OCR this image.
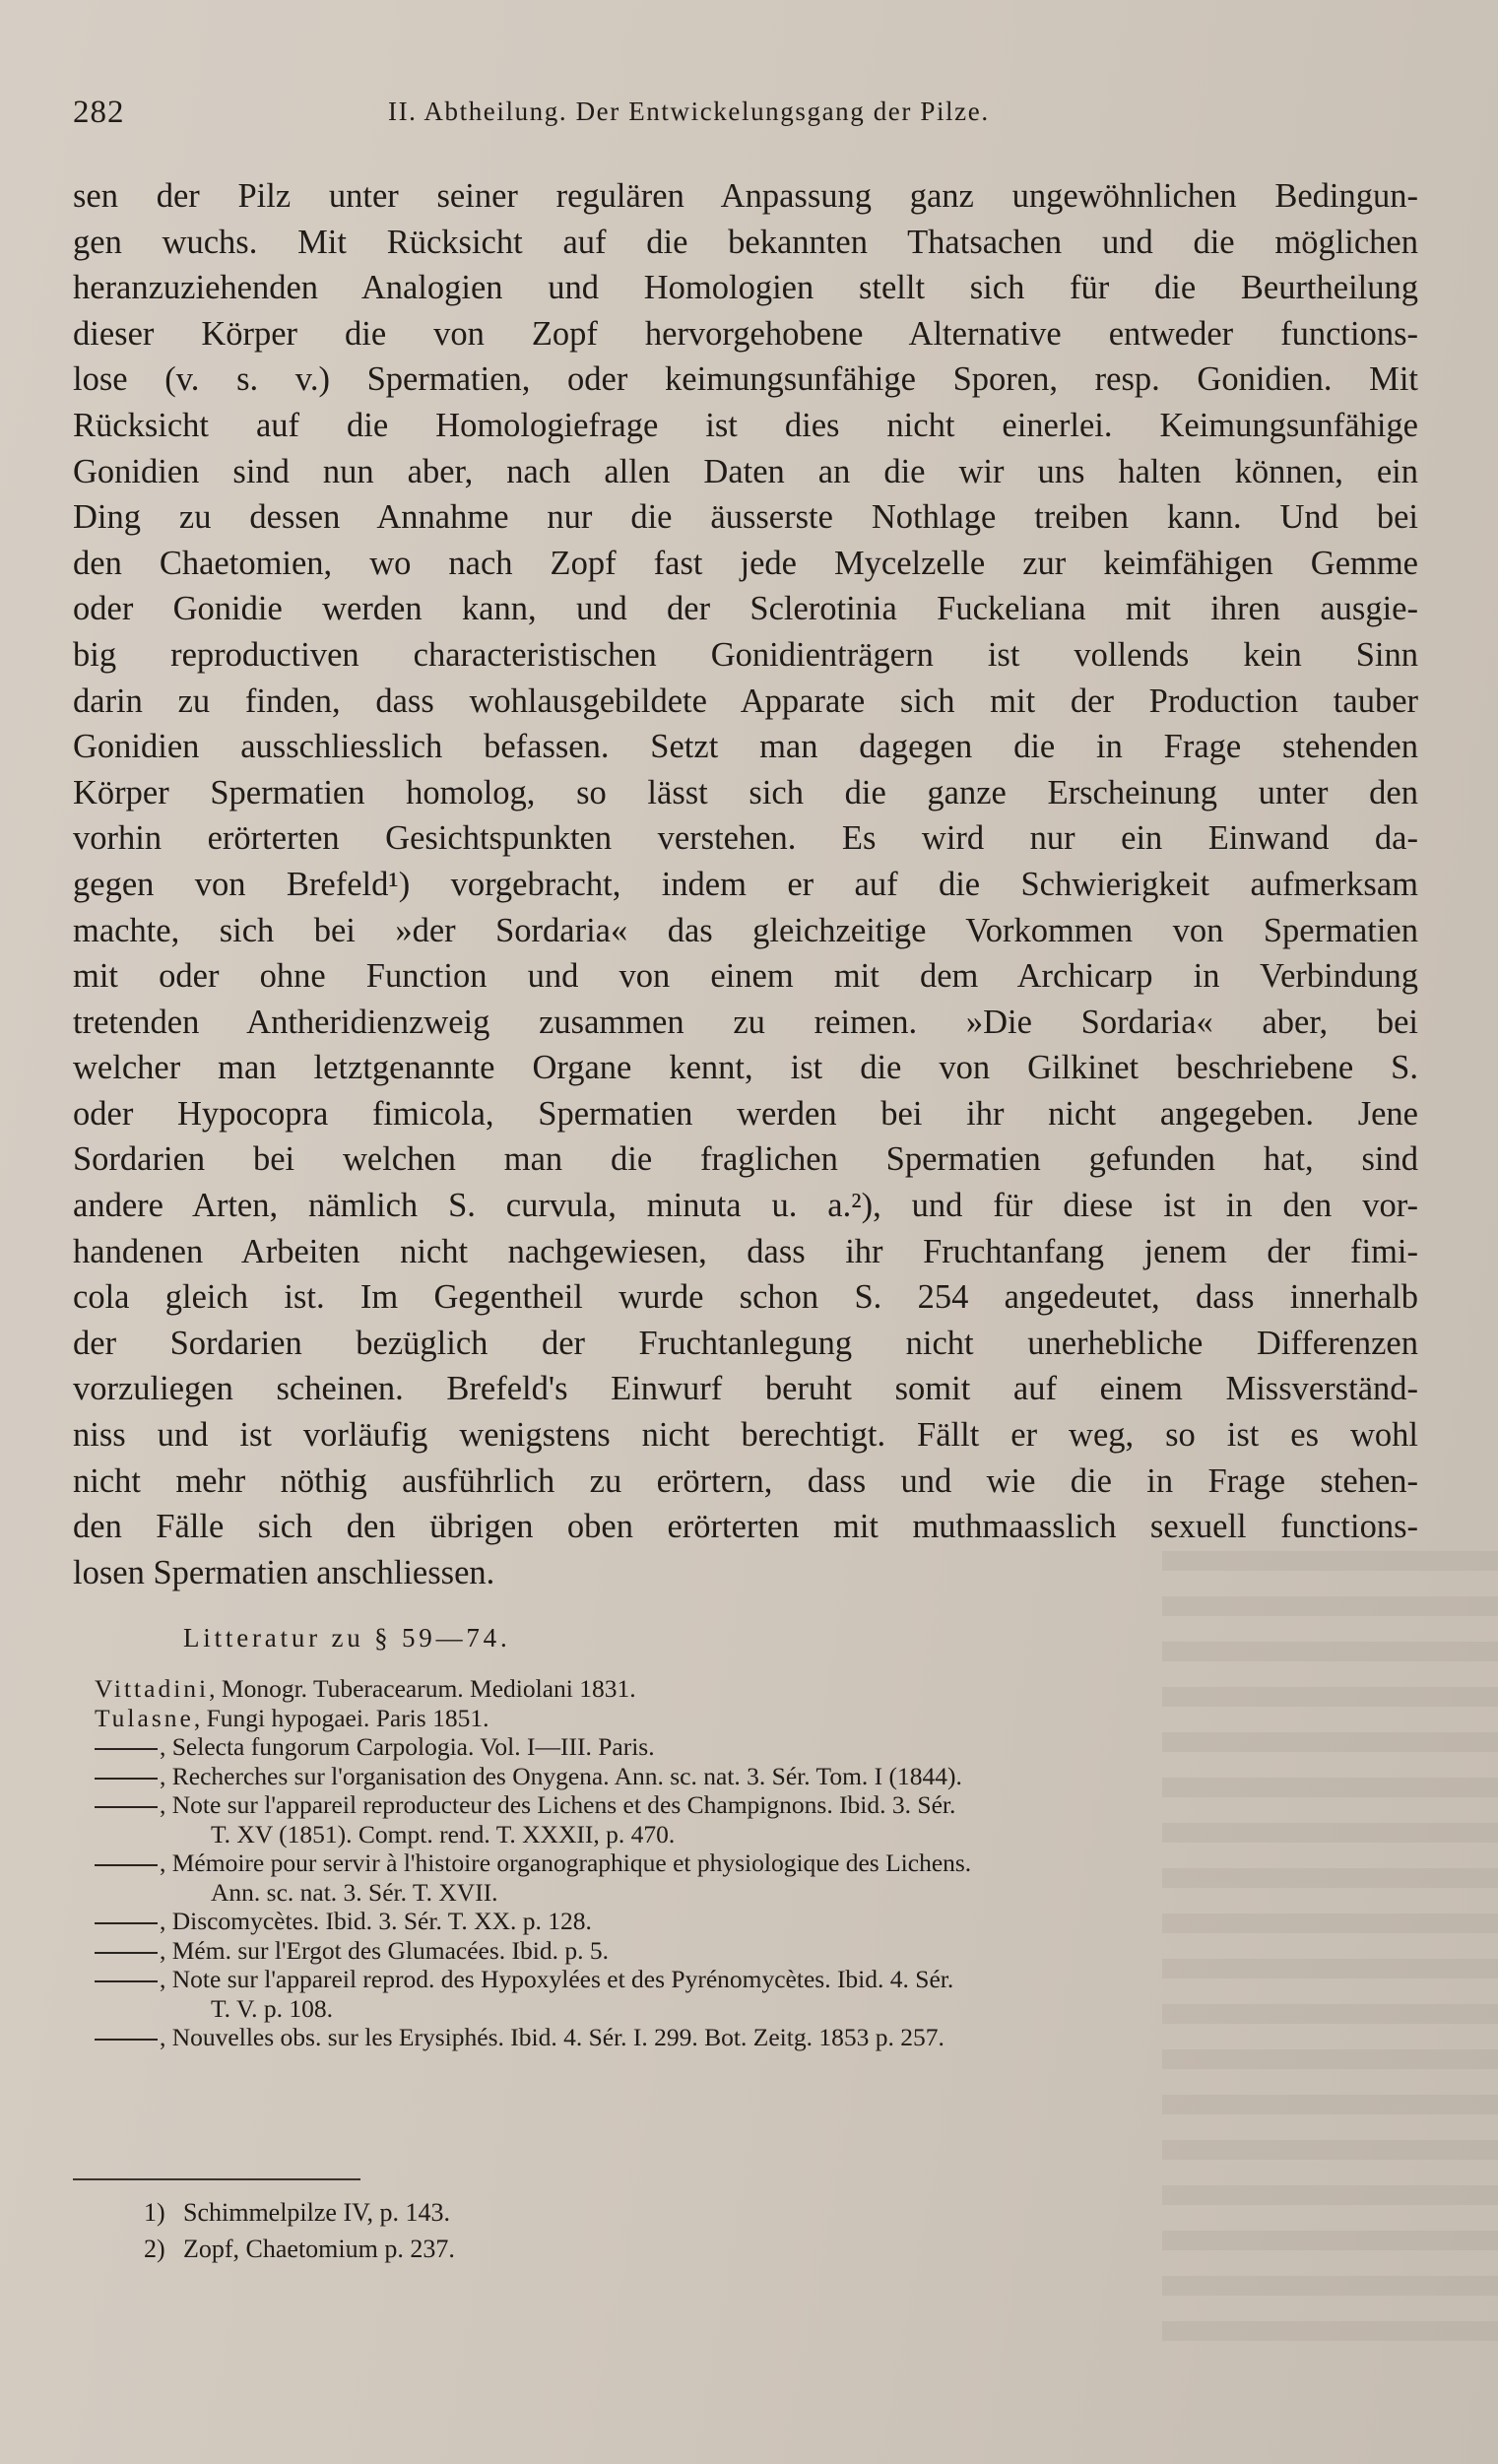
282	II. Abtheilung. Der Entwickelungsgang der Pilze.
sen der Pilz unter seiner regulären Anpassung ganz ungewöhnlichen Bedingun-
gen wuchs. Mit Rücksicht auf die bekannten Thatsachen und die möglichen
heranzuziehenden Analogien und Homologien stellt sich für die Beurtheilung
dieser Körper die von Zopf hervorgehobene Alternative entweder functions-
lose (v. s. v.) Spermatien, oder keimungsunfähige Sporen, resp. Gonidien. Mit
Rücksicht auf die Homologiefrage ist dies nicht einerlei. Keimungsunfähige
Gonidien sind nun aber, nach allen Daten an die wir uns halten können, ein
Ding zu dessen Annahme nur die äusserste Nothlage treiben kann. Und bei
den Chaetomien, wo nach Zopf fast jede Mycelzelle zur keimfähigen Gemme
oder Gonidie werden kann, und der Sclerotinia Fuckeliana mit ihren ausgie-
big reproductiven characteristischen Gonidienträgern ist vollends kein Sinn
darin zu finden, dass wohlausgebildete Apparate sich mit der Production tauber
Gonidien ausschliesslich befassen. Setzt man dagegen die in Frage stehenden
Körper Spermatien homolog, so lässt sich die ganze Erscheinung unter den
vorhin erörterten Gesichtspunkten verstehen. Es wird nur ein Einwand da-
gegen von Brefeld¹) vorgebracht, indem er auf die Schwierigkeit aufmerksam
machte, sich bei »der Sordaria« das gleichzeitige Vorkommen von Spermatien
mit oder ohne Function und von einem mit dem Archicarp in Verbindung
tretenden Antheridienzweig zusammen zu reimen. »Die Sordaria« aber, bei
welcher man letztgenannte Organe kennt, ist die von Gilkinet beschriebene S.
oder Hypocopra fimicola, Spermatien werden bei ihr nicht angegeben. Jene
Sordarien bei welchen man die fraglichen Spermatien gefunden hat, sind
andere Arten, nämlich S. curvula, minuta u. a.²), und für diese ist in den vor-
handenen Arbeiten nicht nachgewiesen, dass ihr Fruchtanfang jenem der fimi-
cola gleich ist. Im Gegentheil wurde schon S. 254 angedeutet, dass innerhalb
der Sordarien bezüglich der Fruchtanlegung nicht unerhebliche Differenzen
vorzuliegen scheinen. Brefeld's Einwurf beruht somit auf einem Missverständ-
niss und ist vorläufig wenigstens nicht berechtigt. Fällt er weg, so ist es wohl
nicht mehr nöthig ausführlich zu erörtern, dass und wie die in Frage stehen-
den Fälle sich den übrigen oben erörterten mit muthmaasslich sexuell functions-
losen Spermatien anschliessen.
Litteratur zu § 59—74.

Vittadini, Monogr. Tuberacearum. Mediolani 1831.

Tulasne, Fungi hypogaei. Paris 1851.

, Selecta fungorum Carpologia. Vol. I—III. Paris.

, Recherches sur l'organisation des Onygena. Ann. sc. nat. 3. Sér. Tom. I (1844).

, Note sur l'appareil reproducteur des Lichens et des Champignons. Ibid. 3. Sér.
T. XV (1851). Compt. rend. T. XXXII, p. 470.

, Mémoire pour servir à l'histoire organographique et physiologique des Lichens.
Ann. sc. nat. 3. Sér. T. XVII.

, Discomycètes. Ibid. 3. Sér. T. XX. p. 128.

, Mém. sur l'Ergot des Glumacées. Ibid. p. 5.

, Note sur l'appareil reprod. des Hypoxylées et des Pyrénomycètes. Ibid. 4. Sér.
T. V. p. 108.

, Nouvelles obs. sur les Erysiphés. Ibid. 4. Sér. I. 299. Bot. Zeitg. 1853 p. 257.

1) Schimmelpilze IV, p. 143.
2) Zopf, Chaetomium p. 237.
